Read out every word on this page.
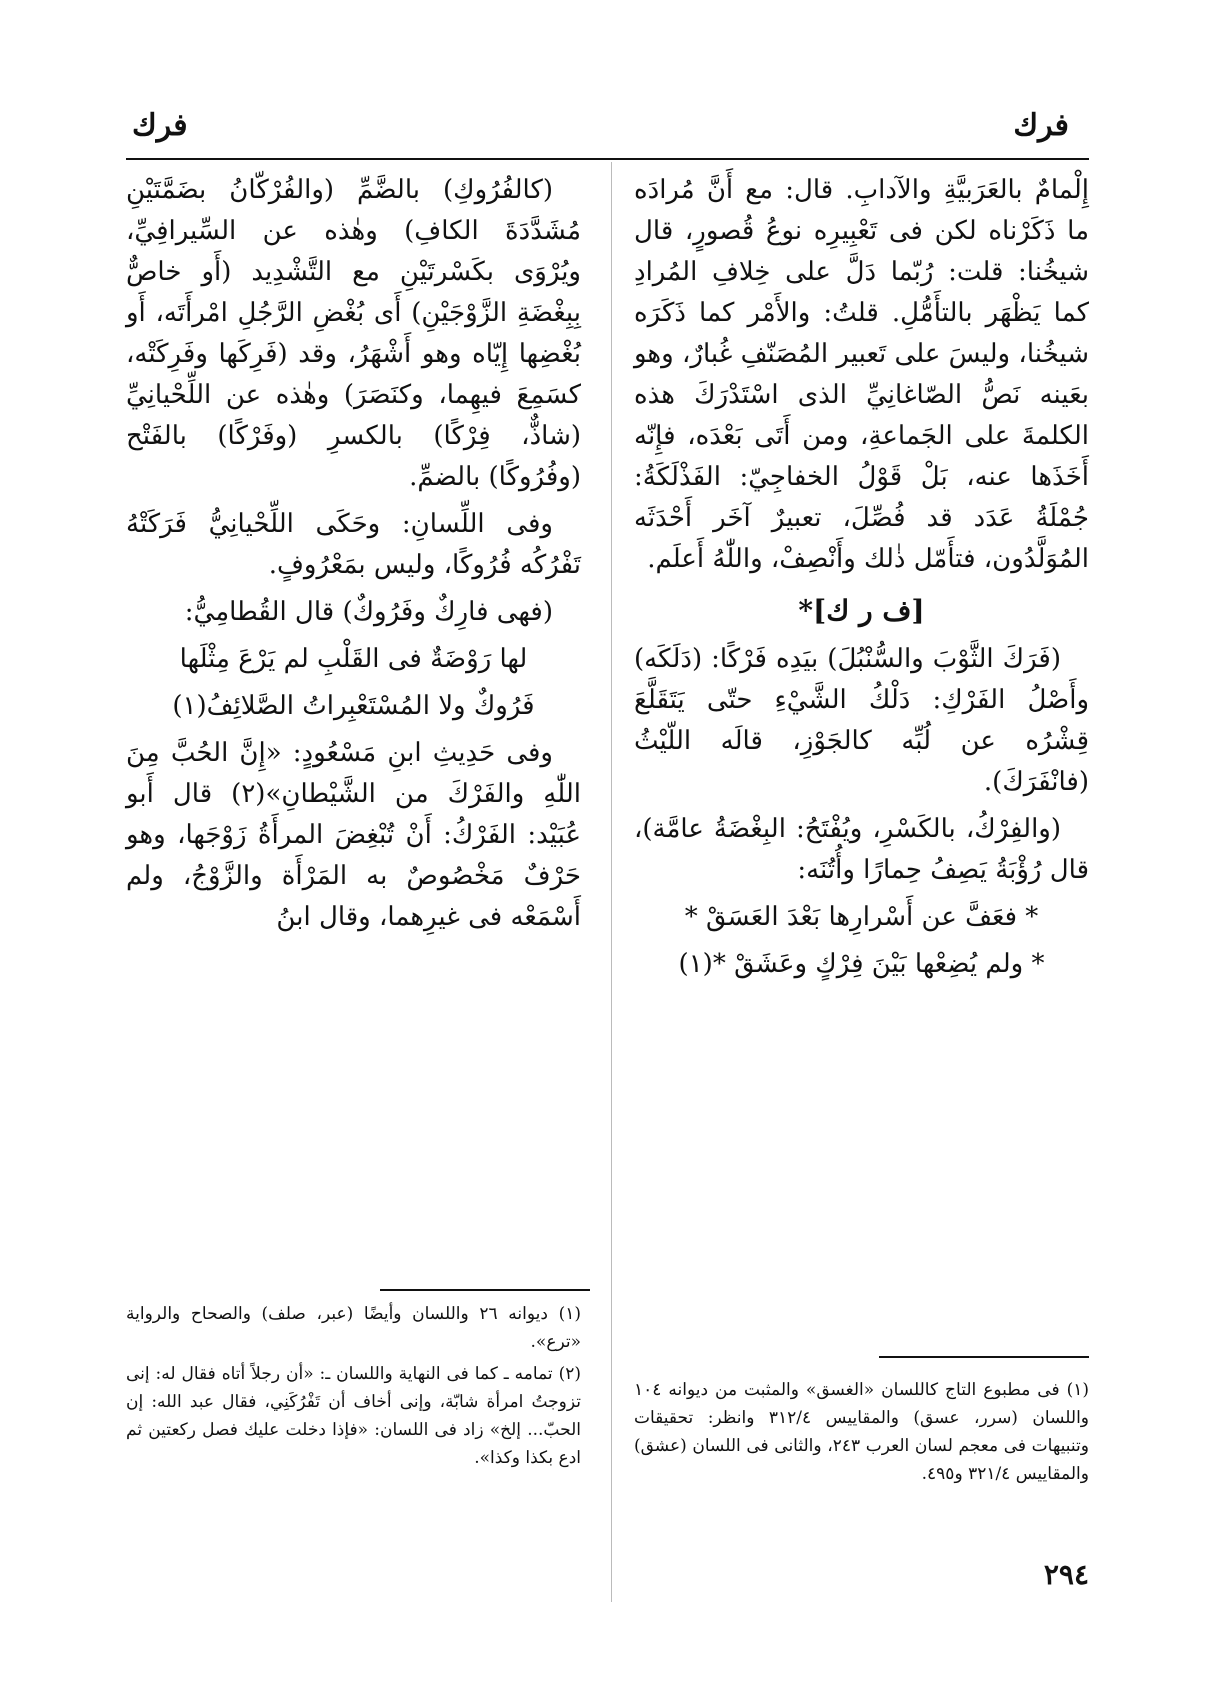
فرك
فرك

إِلْمامٌ بالعَرَبيَّةِ والآدابِ. قال: مع أَنَّ مُرادَه ما ذَكَرْناه لكن فى تَعْبِيرِه نوعُ قُصورٍ، قال شيخُنا: قلت: رُبّما دَلَّ على خِلافِ المُرادِ كما يَظْهَر بالتأَمُّلِ. قلتُ: والأَمْر كما ذَكَرَه شيخُنا، وليسَ على تَعبير المُصَنّفِ غُبارٌ، وهو بعَينه نَصُّ الصّاغانِيِّ الذى اسْتَدْرَكَ هذه الكلمةَ على الجَماعةِ، ومن أَتَى بَعْدَه، فإِنّه أَخَذَها عنه، بَلْ قَوْلُ الخفاجِيّ: الفَذْلَكَةُ: جُمْلَةُ عَدَد قد فُصِّلَ، تعبيرٌ آخَر أَحْدَثَه المُوَلَّدُون، فتأَمّل ذٰلك وأَنْصِفْ، واللّٰهُ أَعلَم.

[ف ر ك]*

(فَرَكَ الثَّوْبَ والسُّنْبُلَ) بيَدِه فَرْكًا: (دَلَكَه) وأَصْلُ الفَرْكِ: دَلْكُ الشَّيْءِ حتّى يَتَقَلَّعَ قِشْرُه عن لُبِّه كالجَوْزِ، قالَه اللّيْثُ (فانْفَرَكَ).

(والفِرْكُ، بالكَسْرِ، ويُفْتَحُ: البِغْضَةُ عامَّة)، قال رُؤْبَةُ يَصِفُ حِمارًا وأُتُنَه:

* فعَفَّ عن أَسْرارِها بَعْدَ العَسَقْ *

* ولم يُضِعْها بَيْنَ فِرْكٍ وعَشَقْ *(١)

(كالفُرُوكِ) بالضَّمِّ (والفُرْكّانُ بضَمَّتَيْنِ مُشَدَّدَةَ الكافِ) وهٰذه عن السِّيرافِيِّ، ويُرْوَى بكَسْرتَيْنِ مع التَّشْدِيد (أَو خاصٌّ بِبِغْضَةِ الزَّوْجَيْنِ) أَى بُغْضِ الرَّجُلِ امْرأَتَه، أَو بُغْضِها إِيّاه وهو أَشْهَرُ، وقد (فَرِكَها وفَرِكَتْه، كسَمِعَ فيهِما، وكنَصَرَ) وهٰذه عن اللِّحْيانِيِّ (شاذٌّ، فِرْكًا) بالكسرِ (وفَرْكًا) بالفَتْح (وفُرُوكًا) بالضمِّ.

وفى اللِّسانِ: وحَكَى اللِّحْيانِيُّ فَرَكَتْهُ تَفْرُكُه فُرُوكًا، وليس بمَعْرُوفٍ.

(فهى فارِكٌ وفَرُوكٌ) قال القُطامِيُّ:

لها رَوْضَةٌ فى القَلْبِ لم يَرْعَ مِثْلَها

فَرُوكٌ ولا المُسْتَعْبِراتُ الصَّلائِفُ(١)

وفى حَدِيثِ ابنِ مَسْعُودٍ: «إِنَّ الحُبَّ مِنَ اللّٰهِ والفَرْكَ من الشَّيْطانِ»(٢) قال أَبو عُبَيْد: الفَرْكُ: أَنْ تُبْغِضَ المرأَةُ زَوْجَها، وهو حَرْفٌ مَخْصُوصٌ به المَرْأَة والزَّوْجُ، ولم أَسْمَعْه فى غيرِهما، وقال ابنُ

(١) فى مطبوع التاج كاللسان «الغسق» والمثبت من ديوانه ١٠٤ واللسان (سرر، عسق) والمقاييس ٣١٢/٤ وانظر: تحقيقات وتنبيهات فى معجم لسان العرب ٢٤٣، والثانى فى اللسان (عشق) والمقاييس ٣٢١/٤ و٤٩٥.

(١) ديوانه ٢٦ واللسان وأيضًا (عبر، صلف) والصحاح والرواية «ترع».

(٢) تمامه ـ كما فى النهاية واللسان ـ: «أن رجلاً أتاه فقال له: إنى تزوجتُ امرأة شابّة، وإنى أخاف أن تَفْرُكَنِي، فقال عبد الله: إن الحبّ... إلخ» زاد فى اللسان: «فإذا دخلت عليك فصل ركعتين ثم ادع بكذا وكذا».

٢٩٤
